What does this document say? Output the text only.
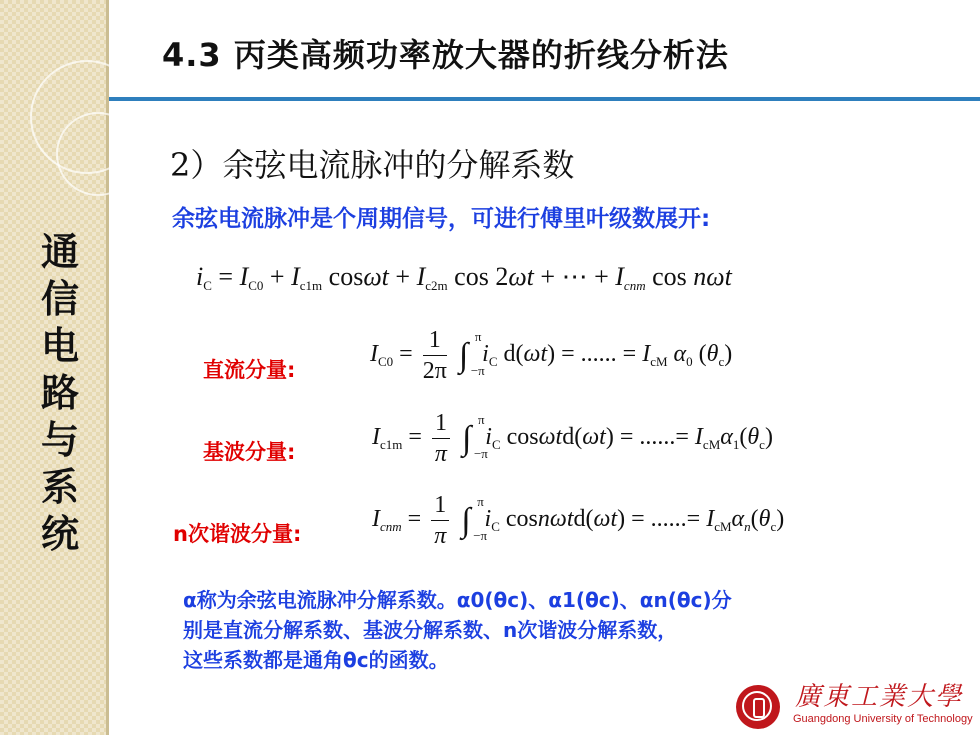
通
信
电
路
与
系
统
4.3 丙类高频功率放大器的折线分析法
2）余弦电流脉冲的分解系数
余弦电流脉冲是个周期信号，可进行傅里叶级数展开:
$i_C = I_{C0} + I_{c1m}$ $\cos\omega t + I_{c2m}$ cos 2ωt + ⋯ + Icnm cos nωt
直流分量:
$I_{C0} = \frac{1}{2\pi}$ ∫
π
−π
$i_C$ d(ωt) = ...... = $I_{cM}$ $\alpha_0$ $(\theta_c)$
基波分量:
$I_{c1m} = \frac{1}{\pi}$ ∫
π
−π
$i_C$ cosωtd(ωt) = ......= $I_{cM}\alpha_1(\theta_c)$
n次谐波分量:
$I_{cnm} = \frac{1}{\pi}$ ∫
π
−π
$i_C$ cosnωtd(ωt) = ......= $I_{cM}\alpha_n(\theta_c)$
α称为余弦电流脉冲分解系数。α0(θc)、α1(θc)、αn(θc)分
别是直流分解系数、基波分解系数、n次谐波分解系数，
这些系数都是通角θc的函数。
廣東工業大學
Guangdong University of Technology
